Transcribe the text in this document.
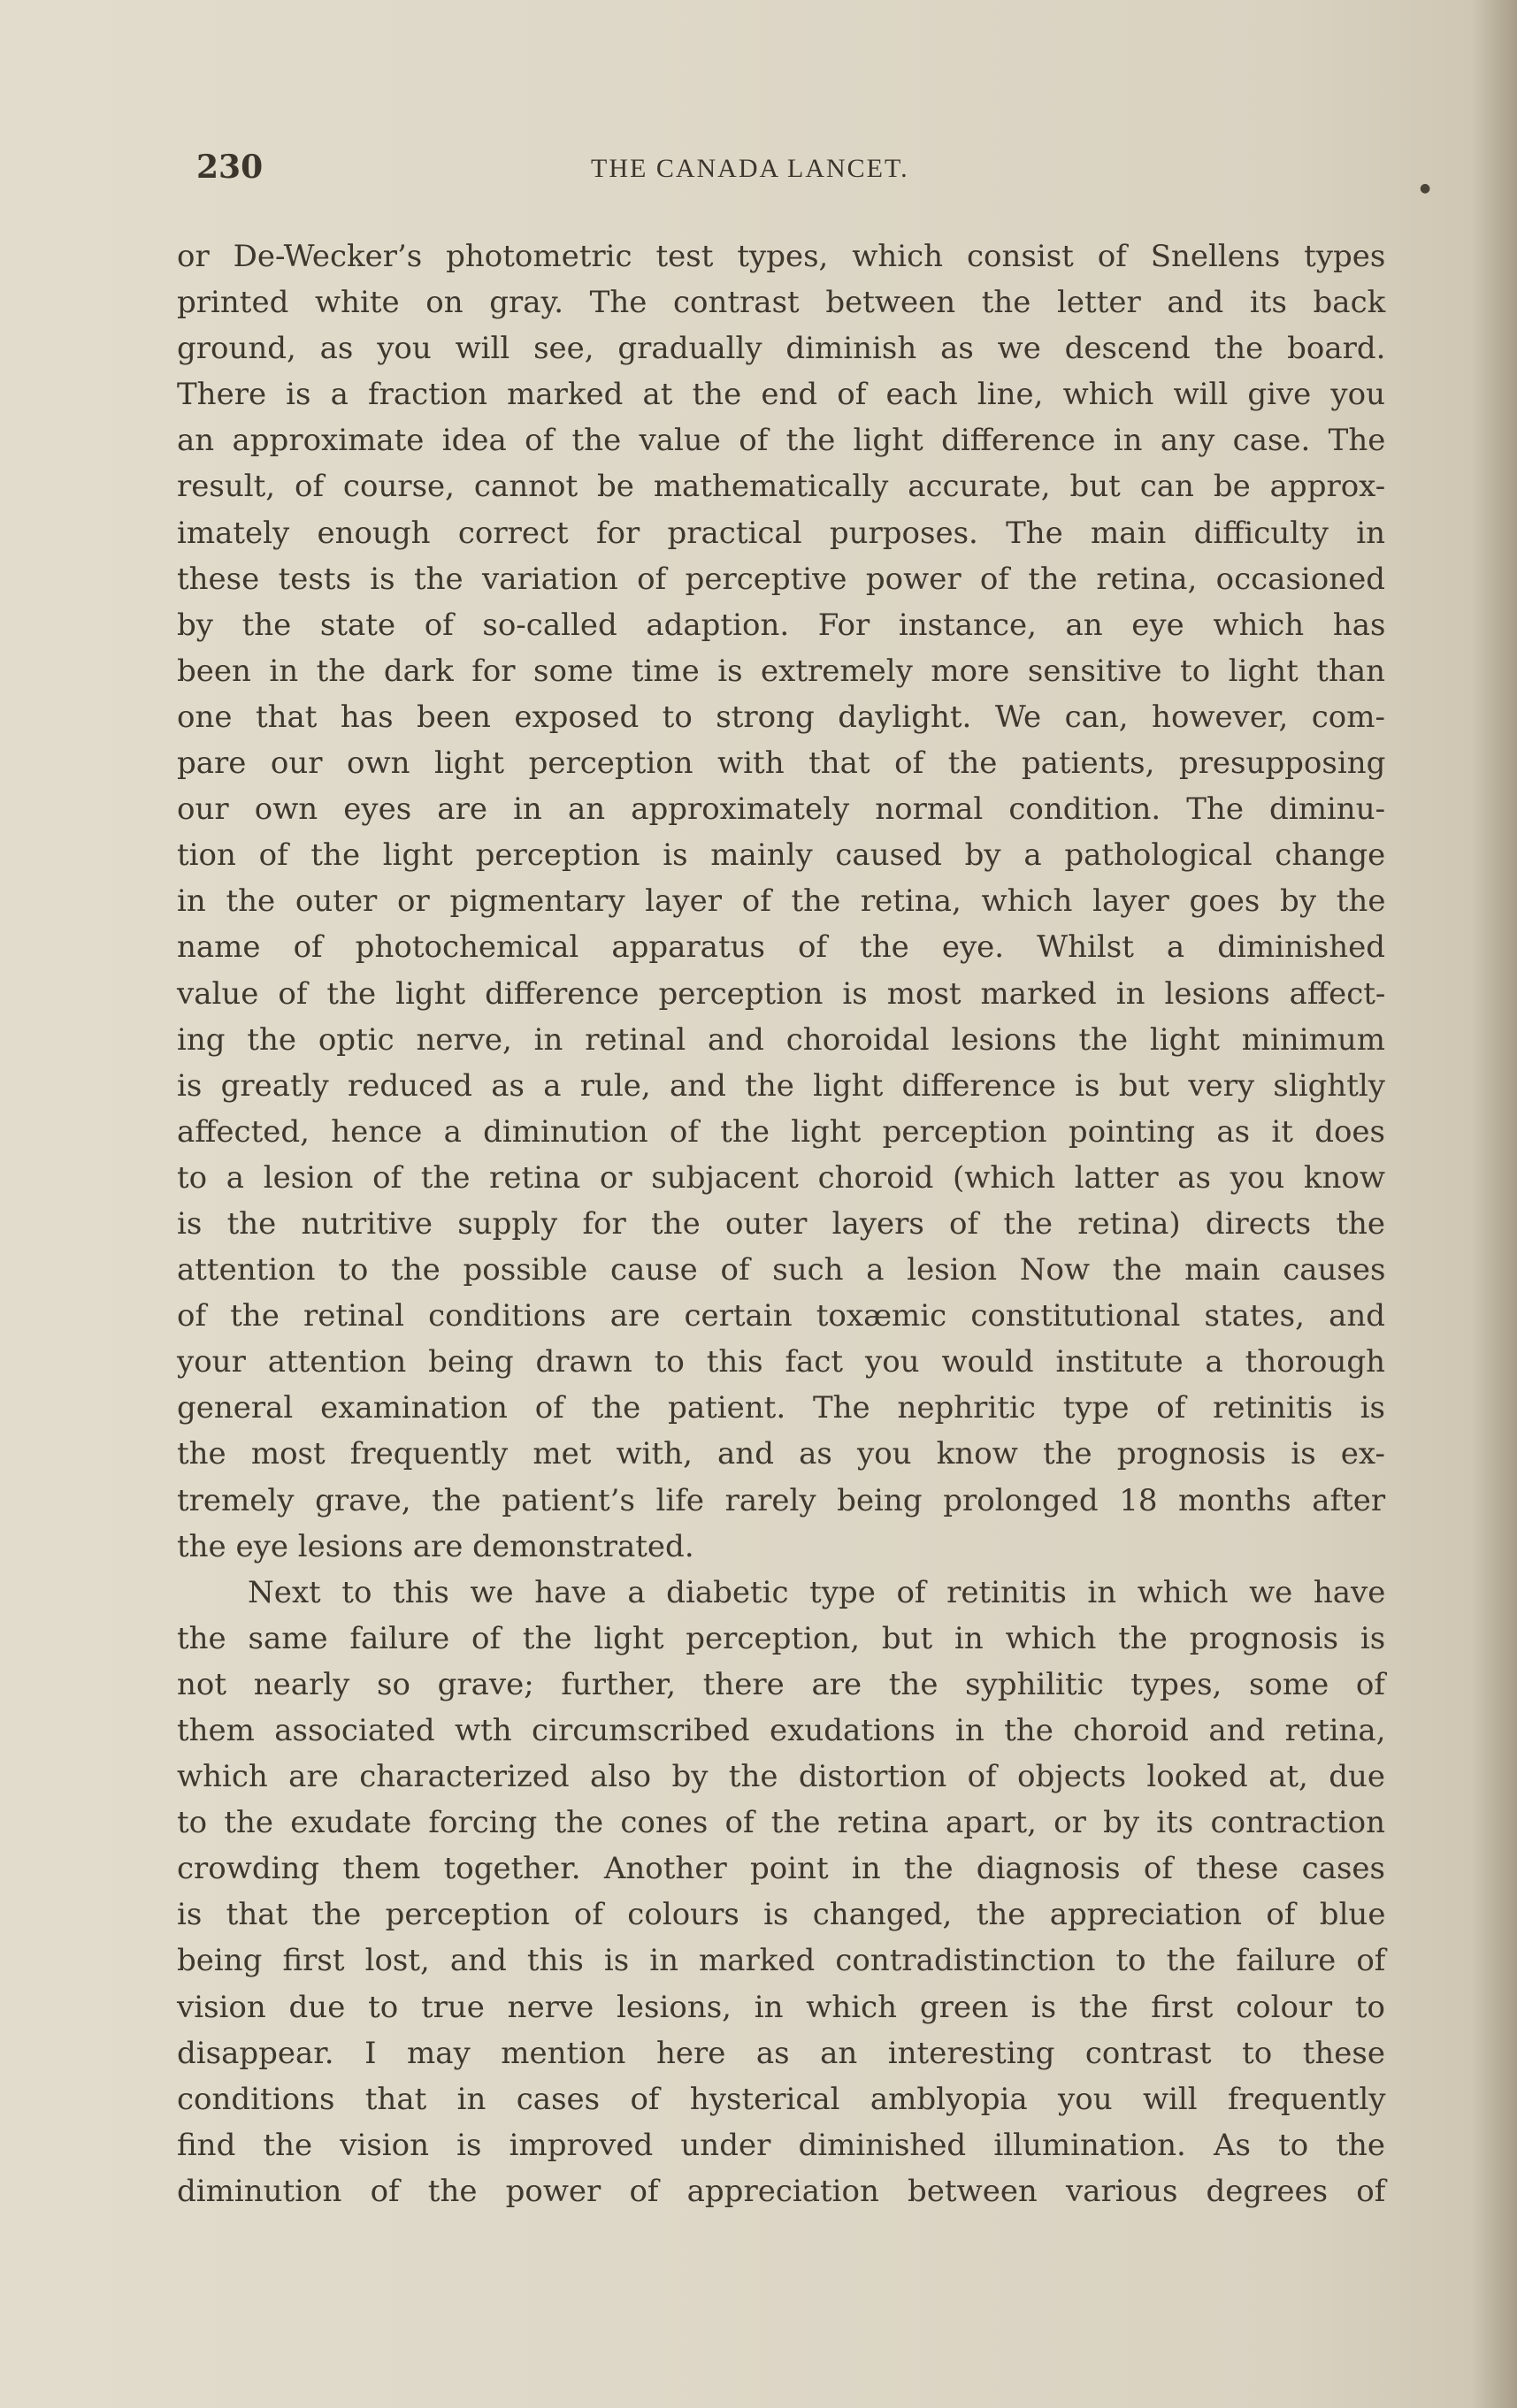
230	THE CANADA LANCET.
●

or De-Wecker’s photometric test types, which consist of Snellens types
printed white on gray. The contrast between the letter and its back
ground, as you will see, gradually diminish as we descend the board.
There is a fraction marked at the end of each line, which will give you
an approximate idea of the value of the light difference in any case. The
result, of course, cannot be mathematically accurate, but can be approx-
imately enough correct for practical purposes. The main difficulty in
these tests is the variation of perceptive power of the retina, occasioned
by the state of so-called adaption. For instance, an eye which has
been in the dark for some time is extremely more sensitive to light than
one that has been exposed to strong daylight. We can, however, com-
pare our own light perception with that of the patients, presupposing
our own eyes are in an approximately normal condition. The diminu-
tion of the light perception is mainly caused by a pathological change
in the outer or pigmentary layer of the retina, which layer goes by the
name of photochemical apparatus of the eye. Whilst a diminished
value of the light difference perception is most marked in lesions affect-
ing the optic nerve, in retinal and choroidal lesions the light minimum
is greatly reduced as a rule, and the light difference is but very slightly
affected, hence a diminution of the light perception pointing as it does
to a lesion of the retina or subjacent choroid (which latter as you know
is the nutritive supply for the outer layers of the retina) directs the
attention to the possible cause of such a lesion Now the main causes
of the retinal conditions are certain toxæmic constitutional states, and
your attention being drawn to this fact you would institute a thorough
general examination of the patient. The nephritic type of retinitis is
the most frequently met with, and as you know the prognosis is ex-
tremely grave, the patient’s life rarely being prolonged 18 months after
the eye lesions are demonstrated.

Next to this we have a diabetic type of retinitis in which we have
the same failure of the light perception, but in which the prognosis is
not nearly so grave; further, there are the syphilitic types, some of
them associated wth circumscribed exudations in the choroid and retina,
which are characterized also by the distortion of objects looked at, due
to the exudate forcing the cones of the retina apart, or by its contraction
crowding them together. Another point in the diagnosis of these cases
is that the perception of colours is changed, the appreciation of blue
being first lost, and this is in marked contradistinction to the failure of
vision due to true nerve lesions, in which green is the first colour to
disappear. I may mention here as an interesting contrast to these
conditions that in cases of hysterical amblyopia you will frequently
find the vision is improved under diminished illumination. As to the
diminution of the power of appreciation between various degrees of
